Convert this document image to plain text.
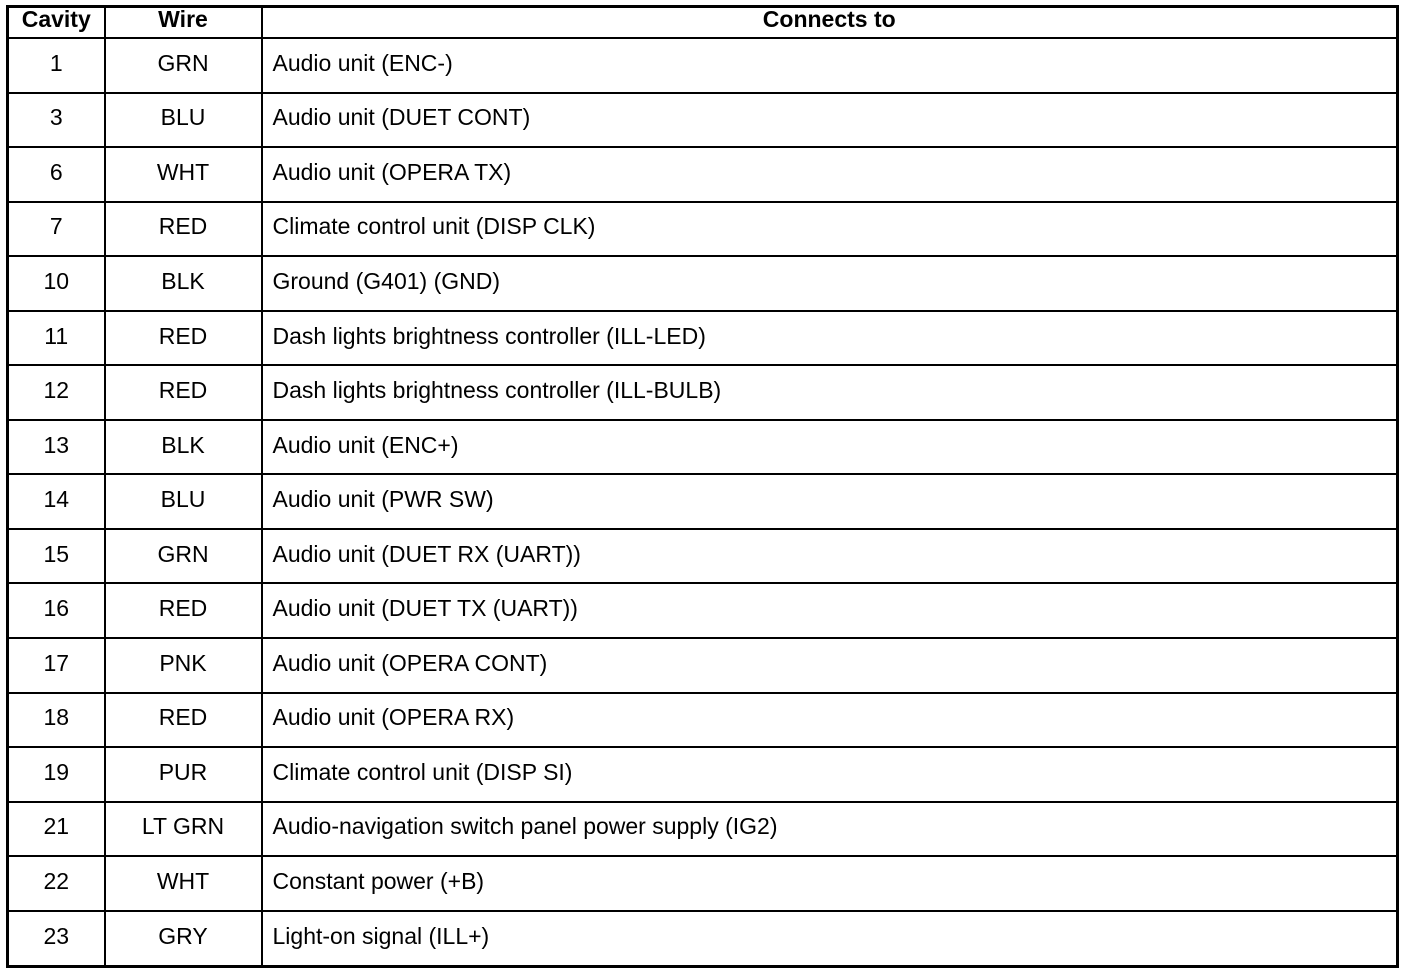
Cavity	Wire	Connects to
1	GRN	Audio unit (ENC-)
3	BLU	Audio unit (DUET CONT)
6	WHT	Audio unit (OPERA TX)
7	RED	Climate control unit (DISP CLK)
10	BLK	Ground (G401) (GND)
11	RED	Dash lights brightness controller (ILL-LED)
12	RED	Dash lights brightness controller (ILL-BULB)
13	BLK	Audio unit (ENC+)
14	BLU	Audio unit (PWR SW)
15	GRN	Audio unit (DUET RX (UART))
16	RED	Audio unit (DUET TX (UART))
17	PNK	Audio unit (OPERA CONT)
18	RED	Audio unit (OPERA RX)
19	PUR	Climate control unit (DISP SI)
21	LT GRN	Audio-navigation switch panel power supply (IG2)
22	WHT	Constant power (+B)
23	GRY	Light-on signal (ILL+)
